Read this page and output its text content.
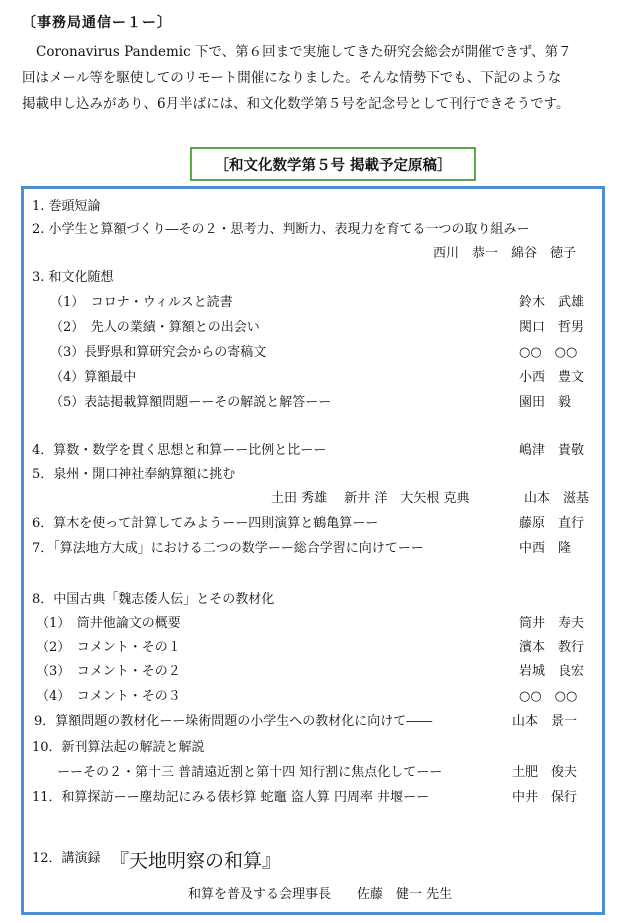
〔事務局通信ー１ー〕
Coronavirus Pandemic 下で、第６回まで実施してきた研究会総会が開催できず、第７
回はメール等を駆使してのリモート開催になりました。そんな情勢下でも、下記のような
掲載申し込みがあり、6月半ばには、和文化数学第５号を記念号として刊行できそうです。
［和文化数学第５号 掲載予定原稿］
1. 巻頭短論
2. 小学生と算額づくり―その２・思考力、判断力、表現力を育てる一つの取り組みー
西川　恭一　綿谷　徳子
3. 和文化随想
（1）　コロナ・ウィルスと読書	鈴木　武雄
（2）　先人の業績・算額との出会い	関口　哲男
（3）長野県和算研究会からの寄稿文	○○　○○
（4）算額最中	小西　豊文
（5）表誌掲載算額問題ーーその解説と解答ーー	園田　毅
4．算数・数学を貫く思想と和算ーー比例と比ーー	嶋津　貴敬
5．泉州・開口神社奉納算額に挑む
土田 秀雄　 新井 洋　大矢根 克典	山本　滋基
6．算木を使って計算してみようーー四則演算と鶴亀算ーー	藤原　直行
7．「算法地方大成」における二つの数学ーー総合学習に向けてーー	中西　隆
8．中国古典「魏志倭人伝」とその教材化
（1）　筒井他論文の概要	筒井　寿夫
（2）　コメント・その１	濱本　教行
（3）　コメント・その２	岩城　良宏
（4）　コメント・その３	○○　○○
9．算額問題の教材化ーー垛術問題の小学生への教材化に向けて――	山本　景一
10．新刊算法起の解読と解説
ーーその２・第十三 普請遠近割と第十四 知行割に焦点化してーー	土肥　俊夫
11．和算探訪ーー塵劫記にみる俵杉算 蛇竈 盗人算 円周率 井堰ーー	中井　保行
12．講演録 『天地明察の和算』
和算を普及する会理事長　　佐藤　健一 先生
